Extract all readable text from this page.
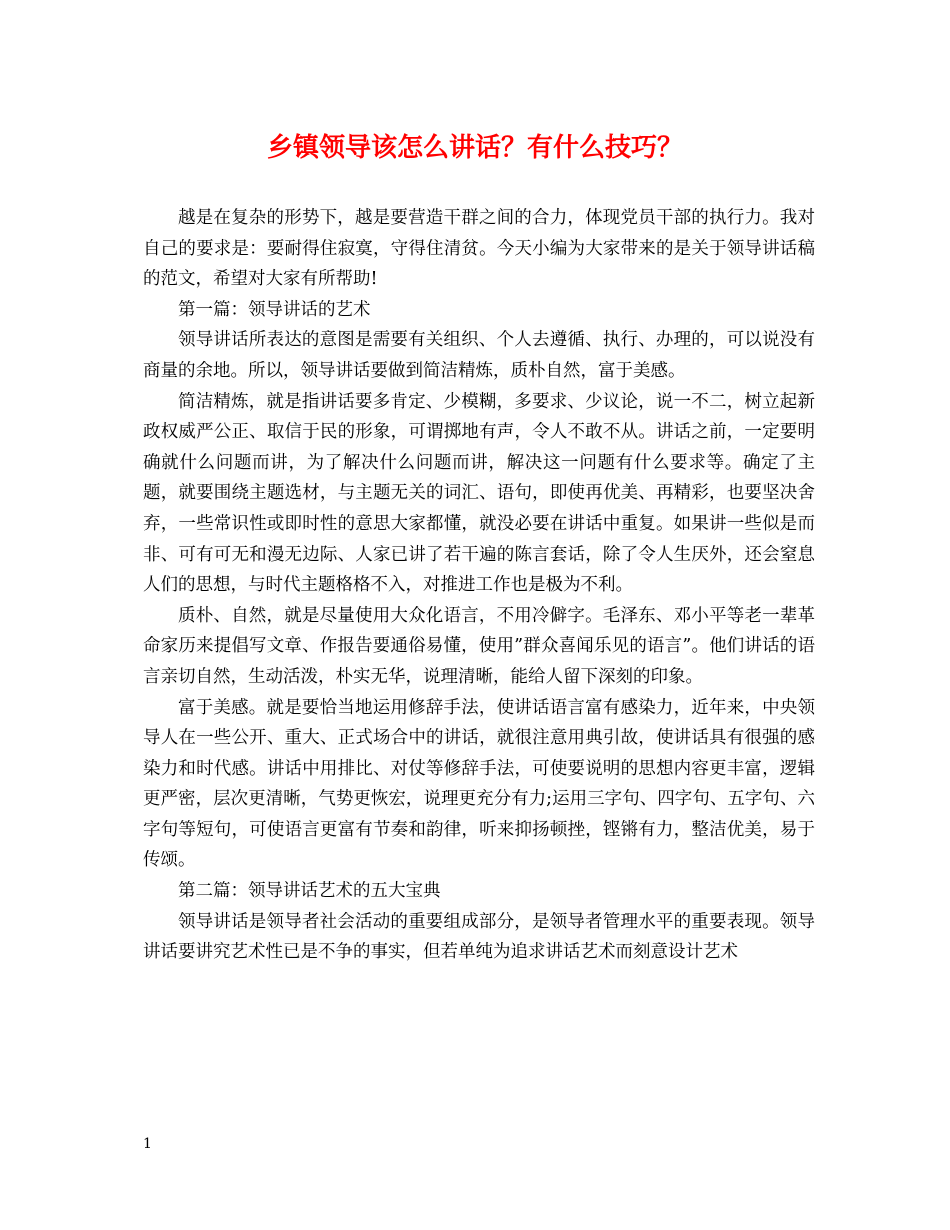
乡镇领导该怎么讲话？有什么技巧？

越是在复杂的形势下，越是要营造干群之间的合力，体现党员干部的执行力。我对自己的要求是：要耐得住寂寞，守得住清贫。今天小编为大家带来的是关于领导讲话稿的范文，希望对大家有所帮助!

第一篇：领导讲话的艺术

领导讲话所表达的意图是需要有关组织、个人去遵循、执行、办理的，可以说没有商量的余地。所以，领导讲话要做到简洁精炼，质朴自然，富于美感。

简洁精炼，就是指讲话要多肯定、少模糊，多要求、少议论，说一不二，树立起新政权威严公正、取信于民的形象，可谓掷地有声，令人不敢不从。讲话之前，一定要明确就什么问题而讲，为了解决什么问题而讲，解决这一问题有什么要求等。确定了主题，就要围绕主题选材，与主题无关的词汇、语句，即使再优美、再精彩，也要坚决舍弃，一些常识性或即时性的意思大家都懂，就没必要在讲话中重复。如果讲一些似是而非、可有可无和漫无边际、人家已讲了若干遍的陈言套话，除了令人生厌外，还会窒息人们的思想，与时代主题格格不入，对推进工作也是极为不利。

质朴、自然，就是尽量使用大众化语言，不用冷僻字。毛泽东、邓小平等老一辈革命家历来提倡写文章、作报告要通俗易懂，使用”群众喜闻乐见的语言”。他们讲话的语言亲切自然，生动活泼，朴实无华，说理清晰，能给人留下深刻的印象。

富于美感。就是要恰当地运用修辞手法，使讲话语言富有感染力，近年来，中央领导人在一些公开、重大、正式场合中的讲话，就很注意用典引故，使讲话具有很强的感染力和时代感。讲话中用排比、对仗等修辞手法，可使要说明的思想内容更丰富，逻辑更严密，层次更清晰，气势更恢宏，说理更充分有力;运用三字句、四字句、五字句、六字句等短句，可使语言更富有节奏和韵律，听来抑扬顿挫，铿锵有力，整洁优美，易于传颂。

第二篇：领导讲话艺术的五大宝典

领导讲话是领导者社会活动的重要组成部分，是领导者管理水平的重要表现。领导讲话要讲究艺术性已是不争的事实，但若单纯为追求讲话艺术而刻意设计艺术

1
